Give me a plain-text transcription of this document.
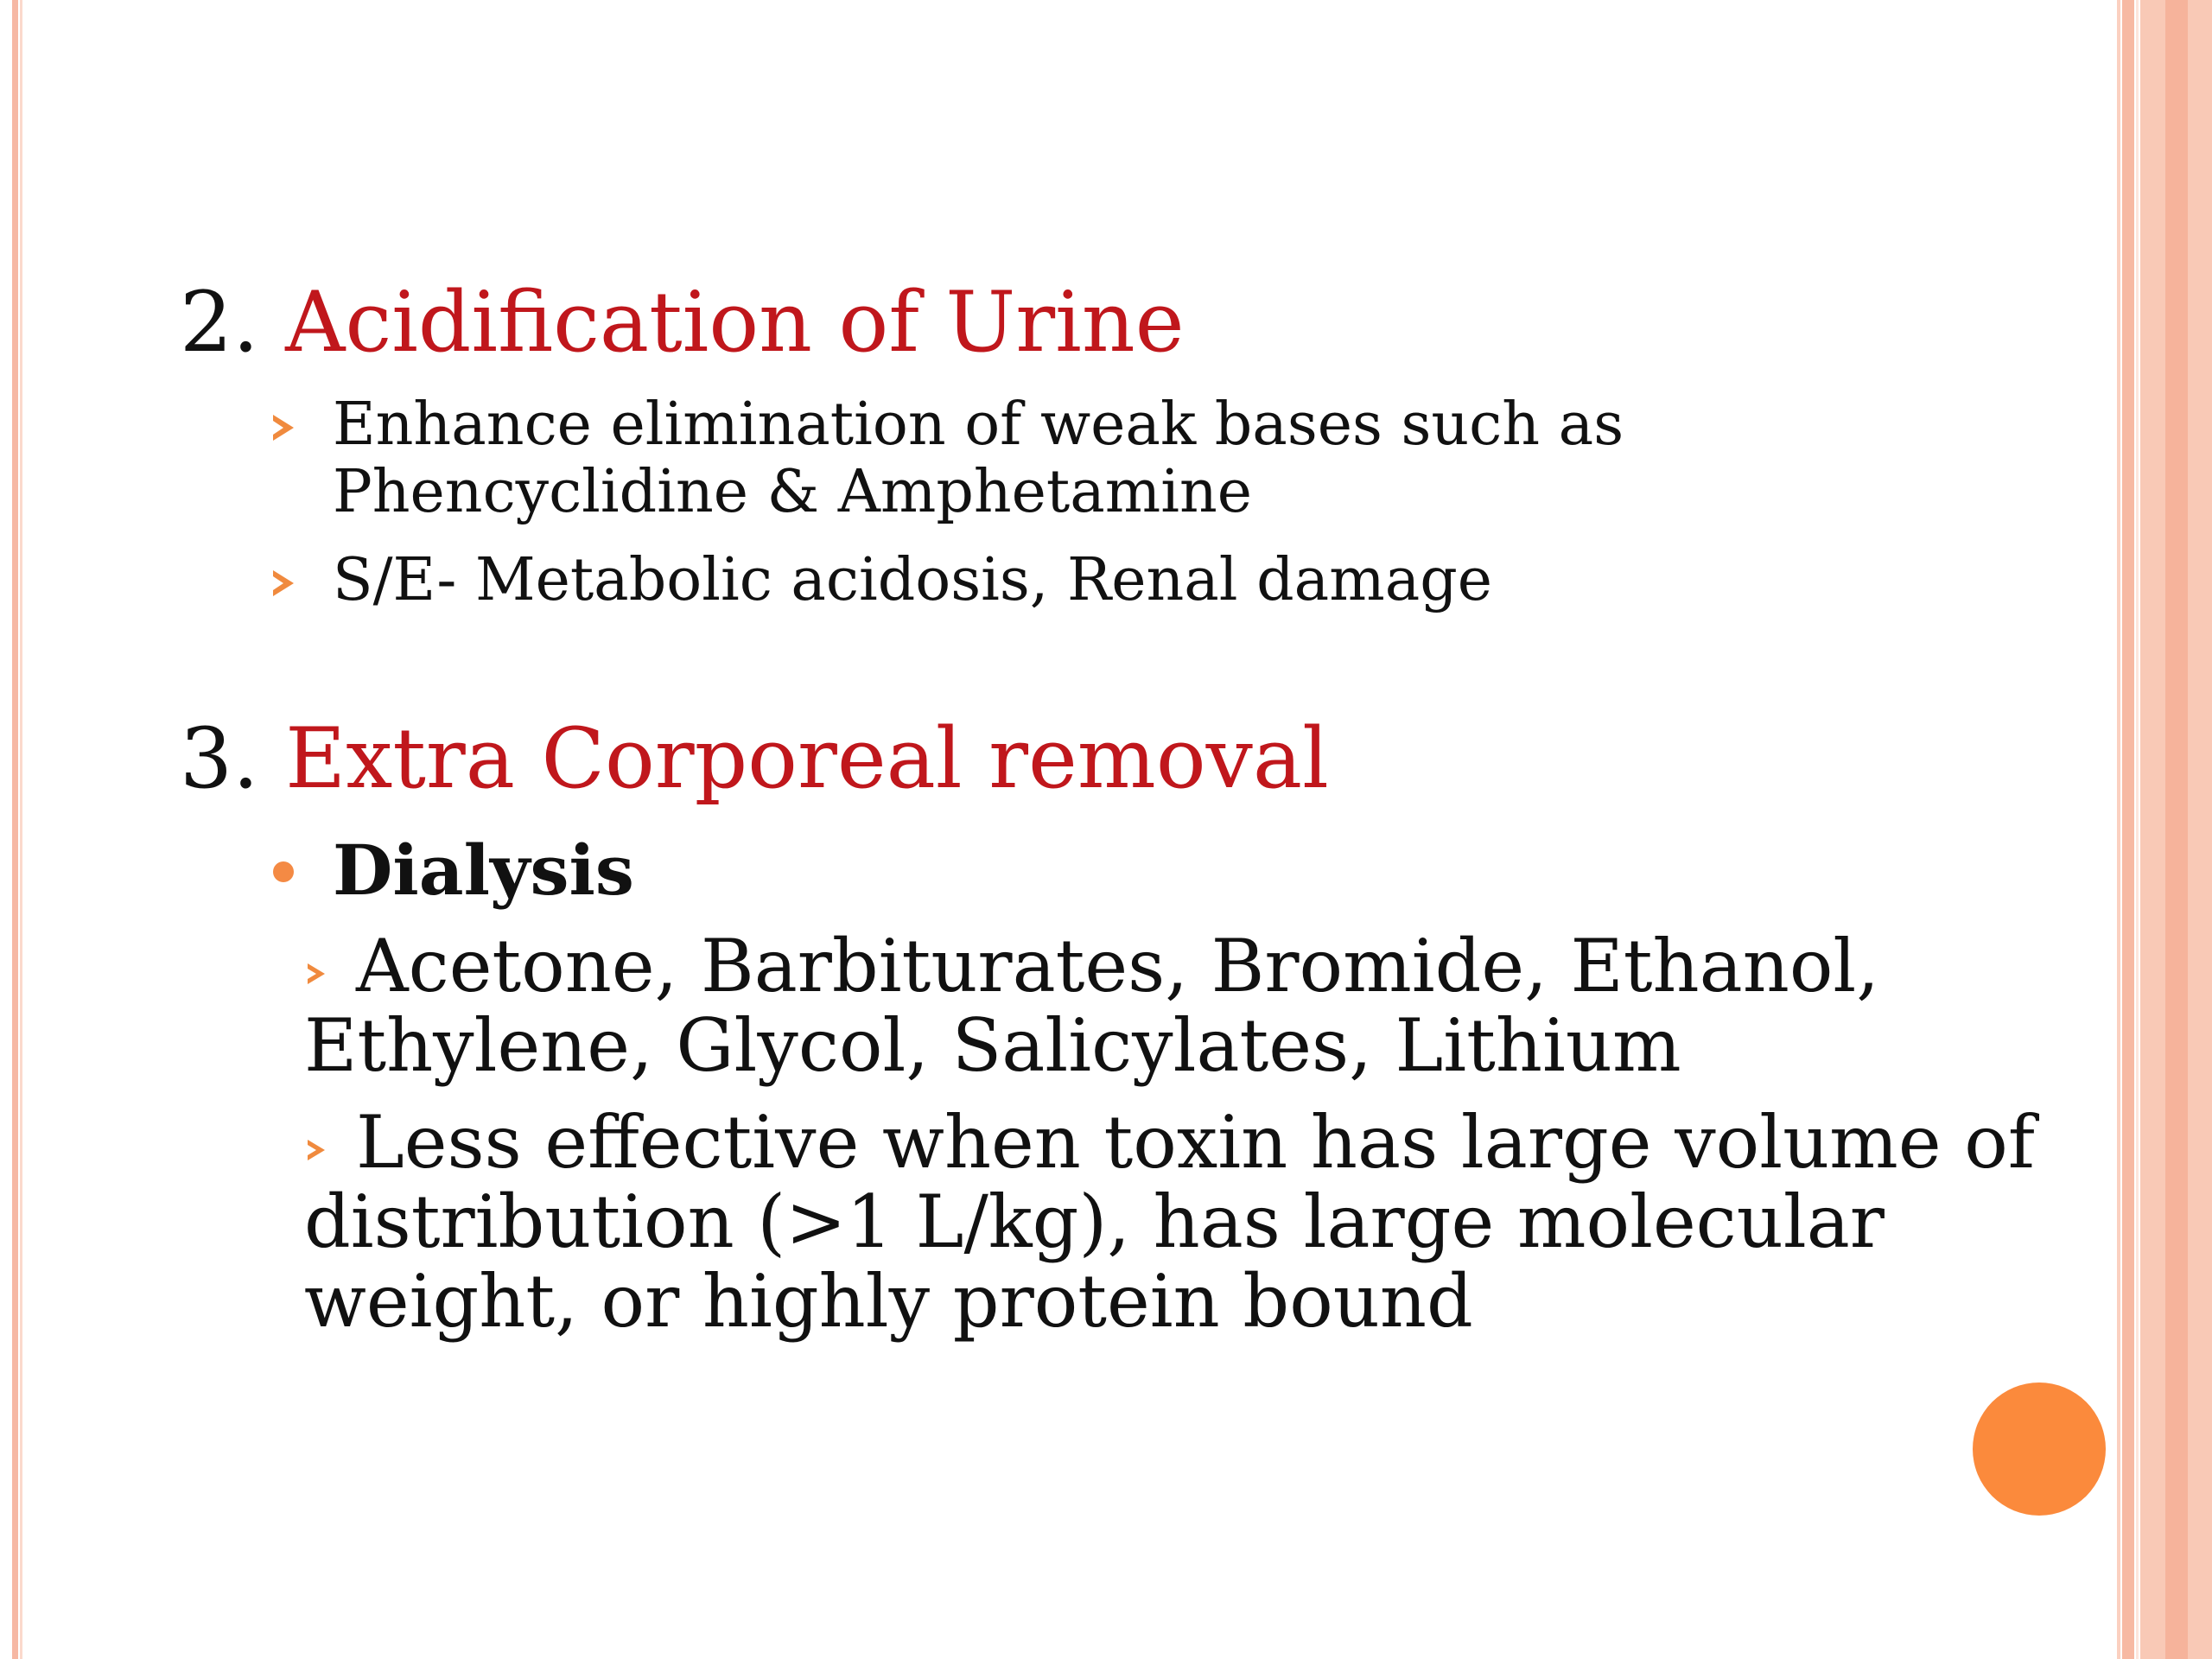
2. Acidification of Urine
Enhance elimination of weak bases such as
Phencyclidine & Amphetamine
S/E- Metabolic acidosis, Renal damage
3. Extra Corporeal removal
Dialysis
Acetone, Barbiturates, Bromide, Ethanol,
Ethylene, Glycol, Salicylates, Lithium
Less effective when toxin has large volume of
distribution (>1 L/kg), has large molecular
weight, or highly protein bound
